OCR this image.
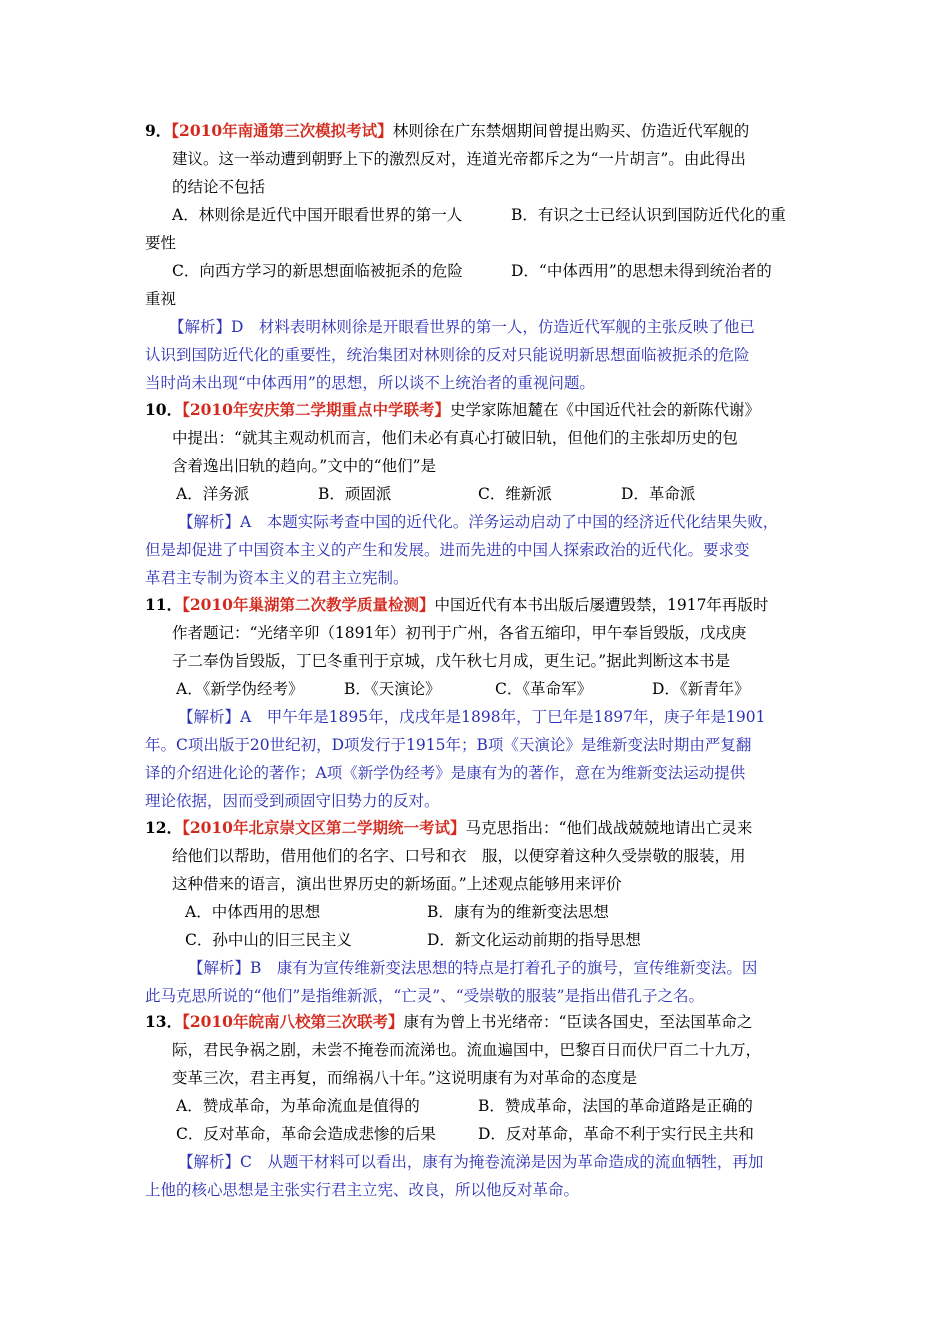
9．【2010年南通第三次模拟考试】林则徐在广东禁烟期间曾提出购买、仿造近代军舰的
建议。这一举动遭到朝野上下的激烈反对，连道光帝都斥之为“一片胡言”。由此得出
的结论不包括
A．林则徐是近代中国开眼看世界的第一人	B．有识之士已经认识到国防近代化的重
要性
C．向西方学习的新思想面临被扼杀的危险	D．“中体西用”的思想未得到统治者的
重视
【解析】D　材料表明林则徐是开眼看世界的第一人，仿造近代军舰的主张反映了他已
认识到国防近代化的重要性，统治集团对林则徐的反对只能说明新思想面临被扼杀的危险
当时尚未出现“中体西用”的思想，所以谈不上统治者的重视问题。
10．【2010年安庆第二学期重点中学联考】史学家陈旭麓在《中国近代社会的新陈代谢》
中提出：“就其主观动机而言，他们未必有真心打破旧轨，但他们的主张却历史的包
含着逸出旧轨的趋向。”文中的“他们”是
A．洋务派	B．顽固派	C．维新派	D．革命派
【解析】A　本题实际考查中国的近代化。洋务运动启动了中国的经济近代化结果失败，
但是却促进了中国资本主义的产生和发展。进而先进的中国人探索政治的近代化。要求变
革君主专制为资本主义的君主立宪制。
11．【2010年巢湖第二次教学质量检测】中国近代有本书出版后屡遭毁禁，1917年再版时
作者题记：“光绪辛卯（1891年）初刊于广州，各省五缩印，甲午奉旨毁版，戊戌庚
子二奉伪旨毁版，丁巳冬重刊于京城，戊午秋七月成，更生记。”据此判断这本书是
A．《新学伪经考》	B．《天演论》	C．《革命军》	D．《新青年》
【解析】A　甲午年是1895年，戊戌年是1898年，丁巳年是1897年，庚子年是1901
年。C项出版于20世纪初，D项发行于1915年；B项《天演论》是维新变法时期由严复翻
译的介绍进化论的著作；A项《新学伪经考》是康有为的著作，意在为维新变法运动提供
理论依据，因而受到顽固守旧势力的反对。
12．【2010年北京崇文区第二学期统一考试】马克思指出：“他们战战兢兢地请出亡灵来
给他们以帮助，借用他们的名字、口号和衣　服，以便穿着这种久受崇敬的服装，用
这种借来的语言，演出世界历史的新场面。”上述观点能够用来评价
A．中体西用的思想	B．康有为的维新变法思想
C．孙中山的旧三民主义	D．新文化运动前期的指导思想
【解析】B　康有为宣传维新变法思想的特点是打着孔子的旗号，宣传维新变法。因
此马克思所说的“他们”是指维新派，“亡灵”、“受崇敬的服装”是指出借孔子之名。
13．【2010年皖南八校第三次联考】康有为曾上书光绪帝：“臣读各国史，至法国革命之
际，君民争祸之剧，未尝不掩卷而流涕也。流血遍国中，巴黎百日而伏尸百二十九万，
变革三次，君主再复，而绵祸八十年。”这说明康有为对革命的态度是
A．赞成革命，为革命流血是值得的	B．赞成革命，法国的革命道路是正确的
C．反对革命，革命会造成悲惨的后果	D．反对革命，革命不利于实行民主共和
【解析】C　从题干材料可以看出，康有为掩卷流涕是因为革命造成的流血牺牲，再加
上他的核心思想是主张实行君主立宪、改良，所以他反对革命。
